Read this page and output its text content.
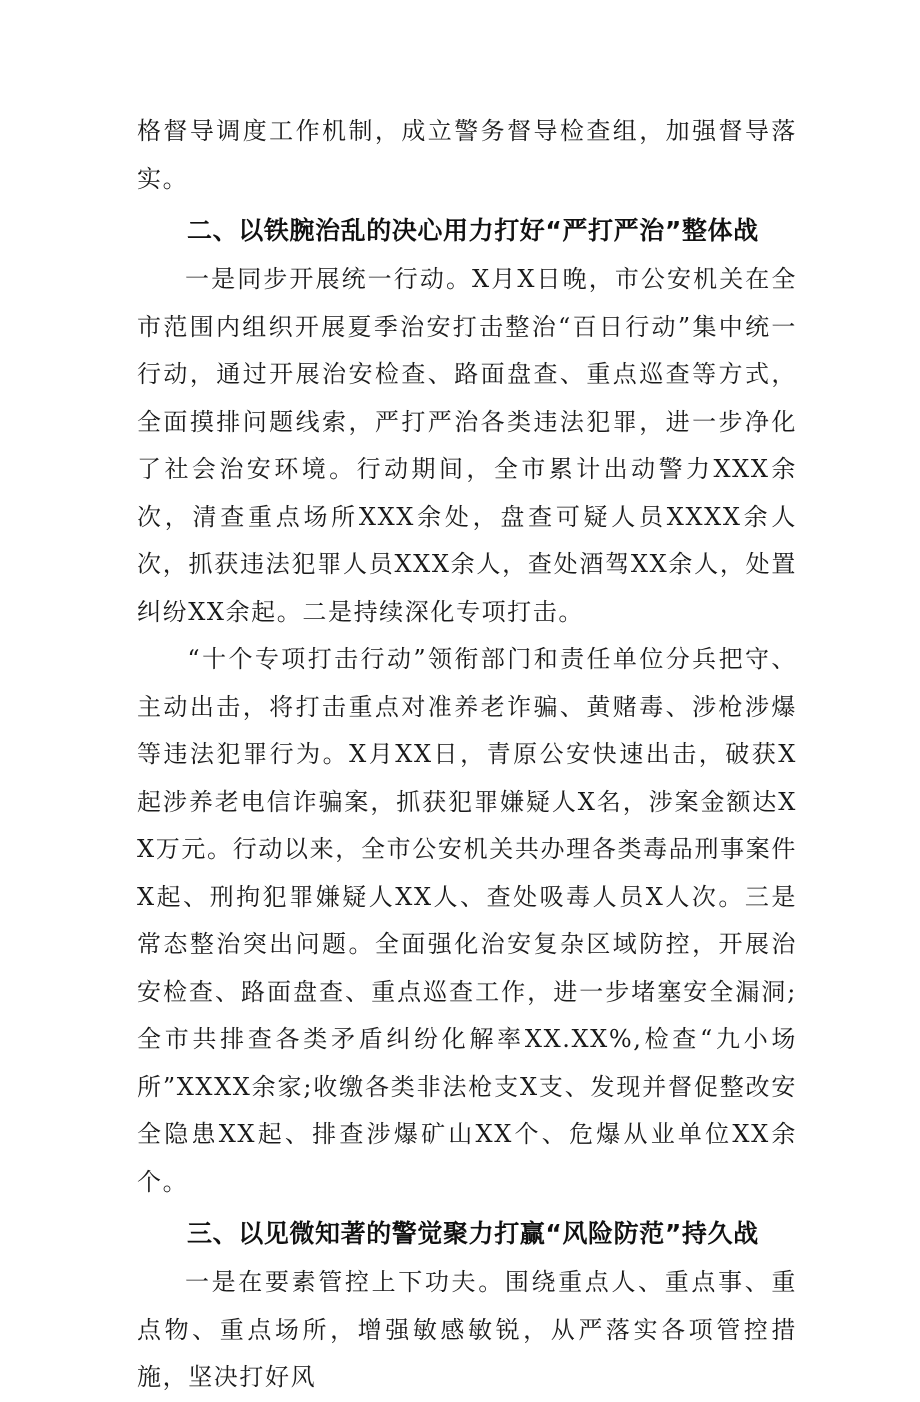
格督导调度工作机制，成立警务督导检查组，加强督导落实。

二、以铁腕治乱的决心用力打好“严打严治”整体战

一是同步开展统一行动。X月X日晚，市公安机关在全市范围内组织开展夏季治安打击整治“百日行动”集中统一行动，通过开展治安检查、路面盘查、重点巡查等方式，全面摸排问题线索，严打严治各类违法犯罪，进一步净化了社会治安环境。行动期间，全市累计出动警力XXX余次，清查重点场所XXX余处，盘查可疑人员XXXX余人次，抓获违法犯罪人员XXX余人，查处酒驾XX余人，处置纠纷XX余起。二是持续深化专项打击。

“十个专项打击行动”领衔部门和责任单位分兵把守、主动出击，将打击重点对准养老诈骗、黄赌毒、涉枪涉爆等违法犯罪行为。X月XX日，青原公安快速出击，破获X起涉养老电信诈骗案，抓获犯罪嫌疑人X名，涉案金额达XX万元。行动以来，全市公安机关共办理各类毒品刑事案件X起、刑拘犯罪嫌疑人XX人、查处吸毒人员X人次。三是常态整治突出问题。全面强化治安复杂区域防控，开展治安检查、路面盘查、重点巡查工作，进一步堵塞安全漏洞;全市共排查各类矛盾纠纷化解率XX.XX%,检查“九小场所”XXXX余家;收缴各类非法枪支X支、发现并督促整改安全隐患XX起、排查涉爆矿山XX个、危爆从业单位XX余个。

三、以见微知著的警觉聚力打赢“风险防范”持久战

一是在要素管控上下功夫。围绕重点人、重点事、重点物、重点场所，增强敏感敏锐，从严落实各项管控措施，坚决打好风
